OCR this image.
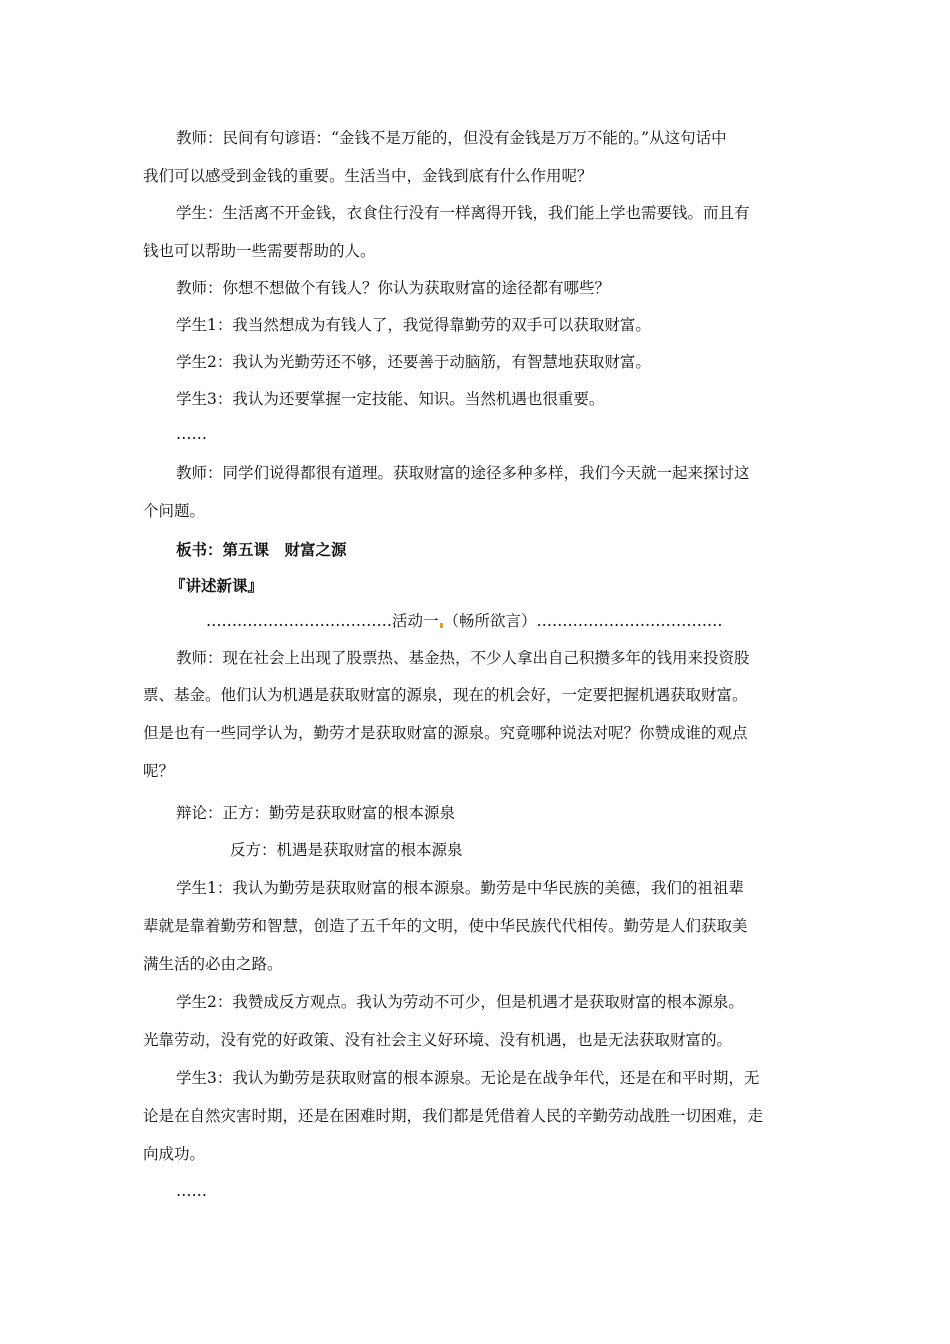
教师：民间有句谚语：“金钱不是万能的，但没有金钱是万万不能的。”从这句话中
我们可以感受到金钱的重要。生活当中，金钱到底有什么作用呢？
学生：生活离不开金钱，衣食住行没有一样离得开钱，我们能上学也需要钱。而且有
钱也可以帮助一些需要帮助的人。
教师：你想不想做个有钱人？你认为获取财富的途径都有哪些？
学生1：我当然想成为有钱人了，我觉得靠勤劳的双手可以获取财富。
学生2：我认为光勤劳还不够，还要善于动脑筋，有智慧地获取财富。
学生3：我认为还要掌握一定技能、知识。当然机遇也很重要。
……
教师：同学们说得都很有道理。获取财富的途径多种多样，我们今天就一起来探讨这
个问题。
板书：第五课　财富之源
『讲述新课』
………………………………活动一 （畅所欲言）………………………………
教师：现在社会上出现了股票热、基金热，不少人拿出自己积攒多年的钱用来投资股
票、基金。他们认为机遇是获取财富的源泉，现在的机会好，一定要把握机遇获取财富。
但是也有一些同学认为，勤劳才是获取财富的源泉。究竟哪种说法对呢？你赞成谁的观点
呢？
辩论：正方：勤劳是获取财富的根本源泉
反方：机遇是获取财富的根本源泉
学生1：我认为勤劳是获取财富的根本源泉。勤劳是中华民族的美德，我们的祖祖辈
辈就是靠着勤劳和智慧，创造了五千年的文明，使中华民族代代相传。勤劳是人们获取美
满生活的必由之路。
学生2：我赞成反方观点。我认为劳动不可少，但是机遇才是获取财富的根本源泉。
光靠劳动，没有党的好政策、没有社会主义好环境、没有机遇，也是无法获取财富的。
学生3：我认为勤劳是获取财富的根本源泉。无论是在战争年代，还是在和平时期，无
论是在自然灾害时期，还是在困难时期，我们都是凭借着人民的辛勤劳动战胜一切困难，走
向成功。
……
